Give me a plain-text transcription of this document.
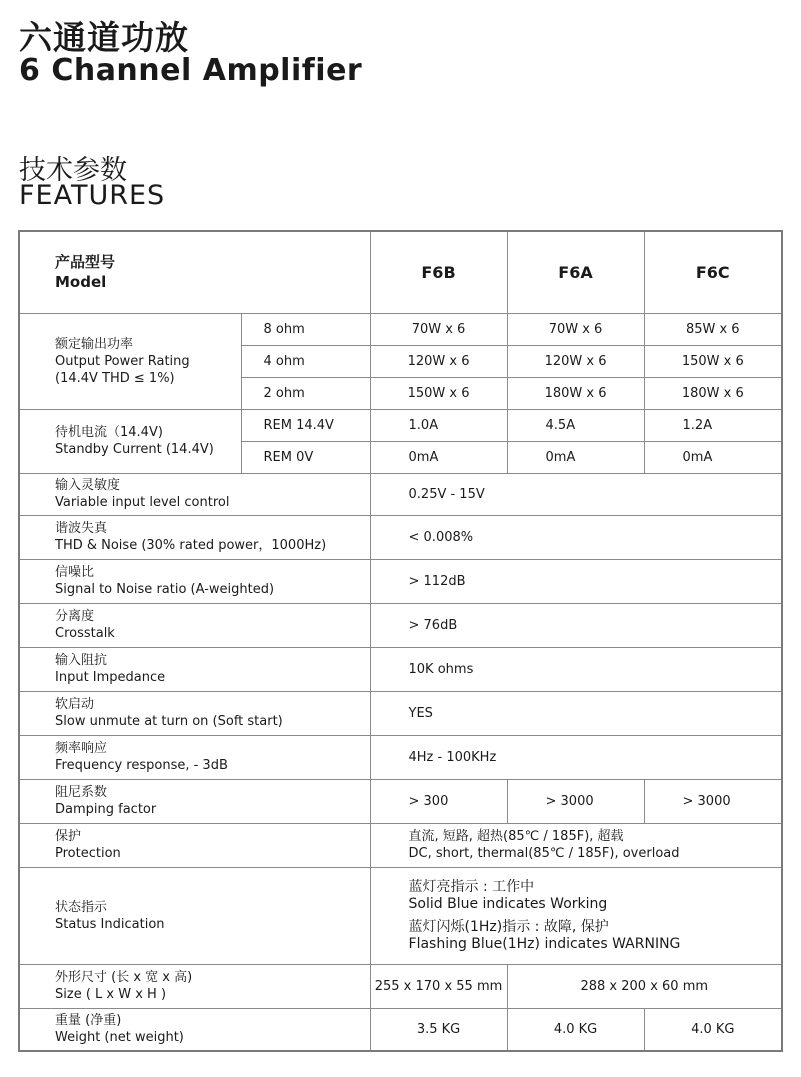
六通道功放
6 Channel Amplifier
技术参数
FEATURES
产品型号
Model		F6B	F6A	F6C

额定输出功率
Output Power Rating
(14.4V THD ≤ 1%)	8 ohm	70W x 6	70W x 6	85W x 6
	4 ohm	120W x 6	120W x 6	150W x 6
	2 ohm	150W x 6	180W x 6	180W x 6

待机电流（14.4V)
Standby Current (14.4V)	REM 14.4V	1.0A	4.5A	1.2A
	REM 0V	0mA	0mA	0mA

输入灵敏度
Variable input level control		0.25V - 15V		

谐波失真
THD & Noise (30% rated power，1000Hz)		< 0.008%		

信噪比
Signal to Noise ratio (A-weighted)		> 112dB		

分离度
Crosstalk		> 76dB		

输入阻抗
Input Impedance		10K ohms		

软启动
Slow unmute at turn on (Soft start)		YES		

频率响应
Frequency response, - 3dB		4Hz - 100KHz		

阻尼系数
Damping factor		> 300	> 3000	> 3000

保护
Protection		直流, 短路, 超热(85℃ / 185F), 超载
DC, short, thermal(85℃ / 185F), overload		

状态指示
Status Indication		蓝灯亮指示 : 工作中
Solid Blue indicates Working
蓝灯闪烁(1Hz)指示 : 故障, 保护
Flashing Blue(1Hz) indicates WARNING		

外形尺寸 (长 x 宽 x 高)
Size ( L x W x H )		255 x 170 x 55 mm	288 x 200 x 60 mm	

重量 (净重)
Weight (net weight)		3.5 KG	4.0 KG	4.0 KG
